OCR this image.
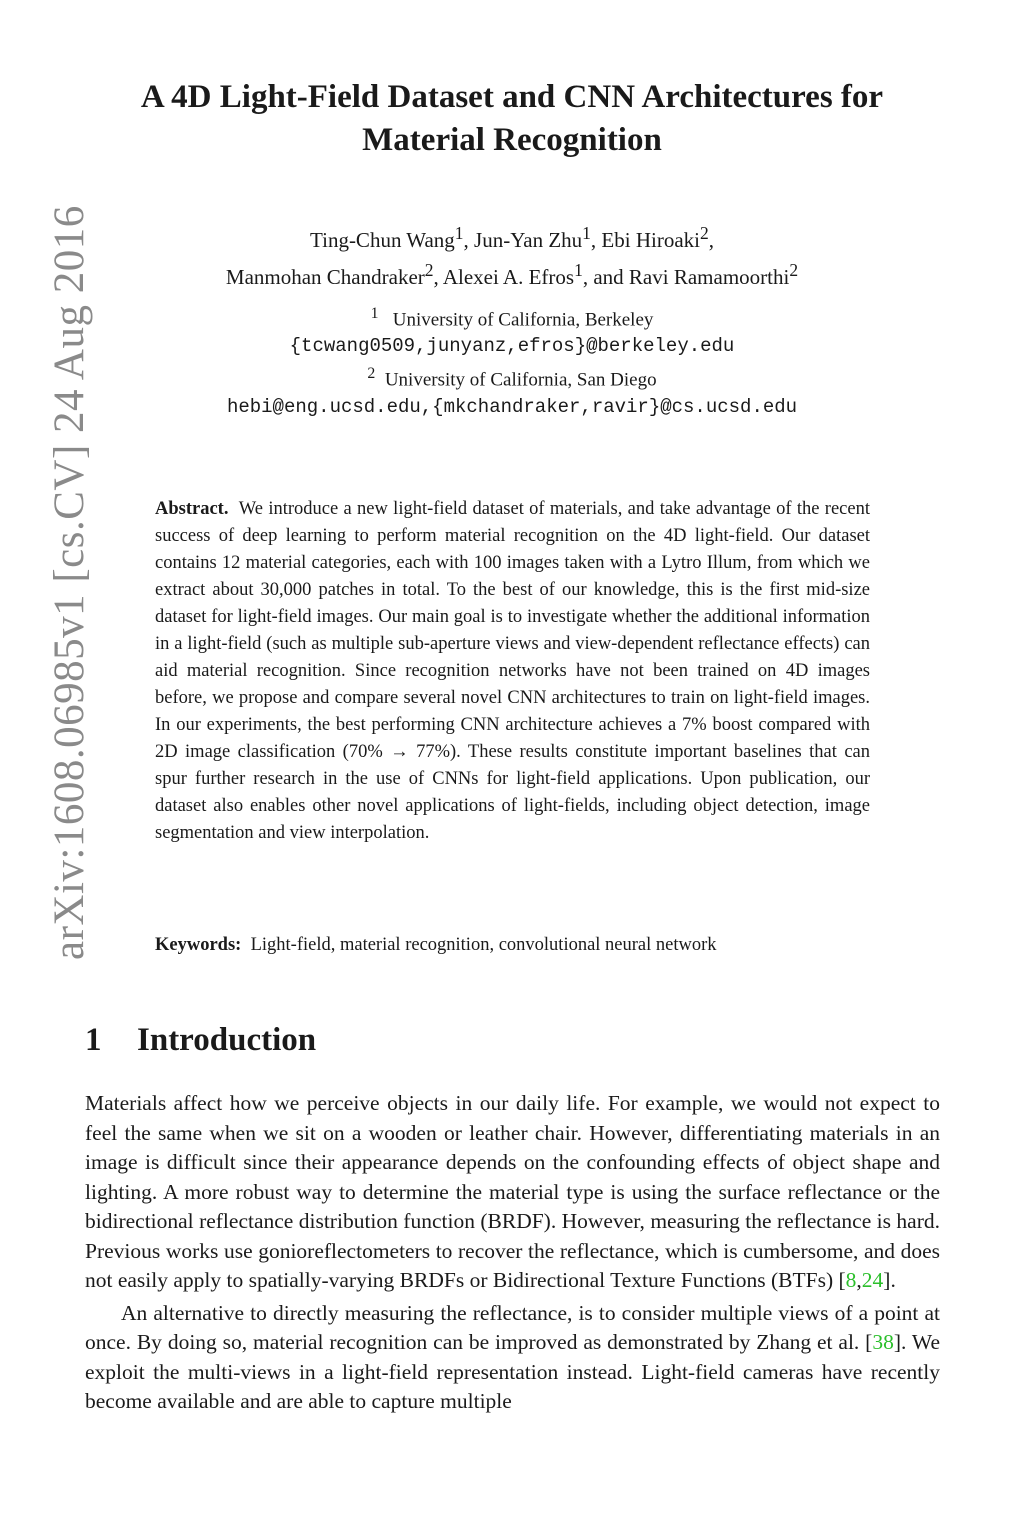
arXiv:1608.06985v1 [cs.CV] 24 Aug 2016
A 4D Light-Field Dataset and CNN Architectures for
Material Recognition
Ting-Chun Wang$^1$, Jun-Yan Zhu$^1$, Ebi Hiroaki$^2$,
Manmohan Chandraker$^2$, Alexei A. Efros$^1$, and Ravi Ramamoorthi$^2$
$^1$ University of California, Berkeley
{tcwang0509,junyanz,efros}@berkeley.edu
$^2$ University of California, San Diego
hebi@eng.ucsd.edu,{mkchandraker,ravir}@cs.ucsd.edu

Abstract. We introduce a new light-field dataset of materials, and take advantage of the recent success of deep learning to perform material recognition on the 4D light-field. Our dataset contains 12 material categories, each with 100 images taken with a Lytro Illum, from which we extract about 30,000 patches in total. To the best of our knowledge, this is the first mid-size dataset for light-field images. Our main goal is to investigate whether the additional information in a light-field (such as multiple sub-aperture views and view-dependent reflectance effects) can aid material recognition. Since recognition networks have not been trained on 4D images before, we propose and compare several novel CNN architectures to train on light-field images. In our experiments, the best performing CNN architecture achieves a 7% boost compared with 2D image classification (70% → 77%). These results constitute important baselines that can spur further research in the use of CNNs for light-field applications. Upon publication, our dataset also enables other novel applications of light-fields, including object detection, image segmentation and view interpolation.

Keywords: Light-field, material recognition, convolutional neural network

1 Introduction

Materials affect how we perceive objects in our daily life. For example, we would not expect to feel the same when we sit on a wooden or leather chair. However, differentiating materials in an image is difficult since their appearance depends on the confounding effects of object shape and lighting. A more robust way to determine the material type is using the surface reflectance or the bidirectional reflectance distribution function (BRDF). However, measuring the reflectance is hard. Previous works use gonioreflectometers to recover the reflectance, which is cumbersome, and does not easily apply to spatially-varying BRDFs or Bidirectional Texture Functions (BTFs) [8,24].

An alternative to directly measuring the reflectance, is to consider multiple views of a point at once. By doing so, material recognition can be improved as demonstrated by Zhang et al. [38]. We exploit the multi-views in a light-field representation instead. Light-field cameras have recently become available and are able to capture multiple
